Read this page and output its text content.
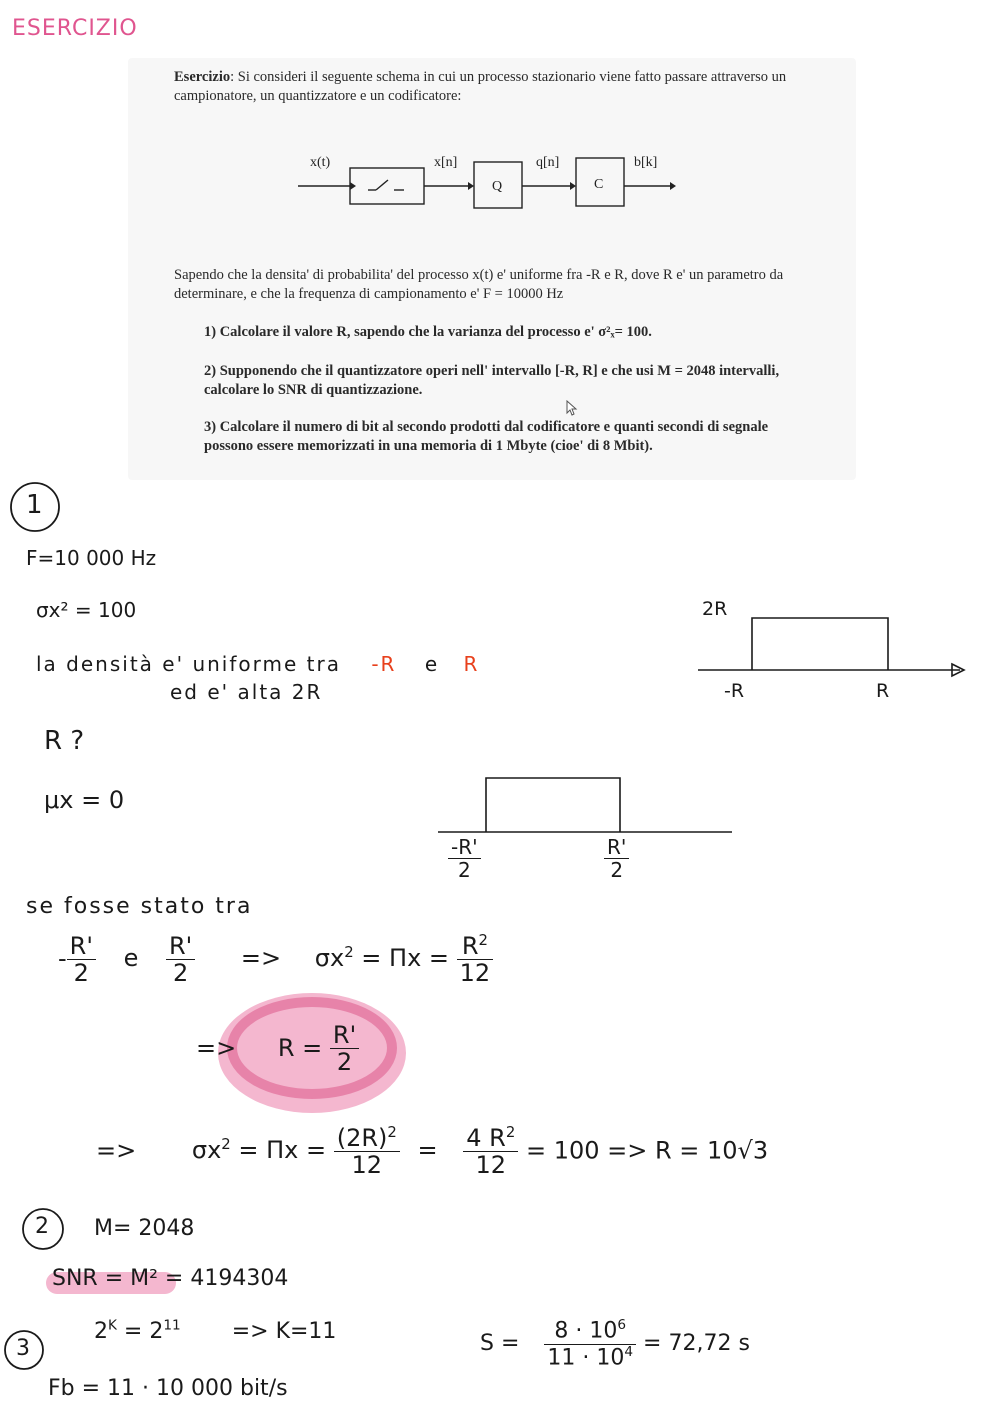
ESERCIZIO
Esercizio: Si consideri il seguente schema in cui un processo stazionario viene fatto passare attraverso un campionatore, un quantizzatore e un codificatore:
x(t)	x[n]
Q
q[n]
C
b[k]
Sapendo che la densita' di probabilita' del processo x(t) e' uniforme fra -R e R, dove R e' un parametro da determinare, e che la frequenza di campionamento e' F = 10000 Hz
1) Calcolare il valore R, sapendo che la varianza del processo e' σ²ₓ= 100.
2) Supponendo che il quantizzatore operi nell' intervallo [-R, R] e che usi M = 2048 intervalli, calcolare lo SNR di quantizzazione.
3) Calcolare il numero di bit al secondo prodotti dal codificatore e quanti secondi di segnale possono essere memorizzati in una memoria di 1 Mbyte (cioe' di 8 Mbit).
1
F=10 000 Hz
σx² = 100
la densità e' uniforme tra -R e R
ed e' alta 2R
2R
-R	R
R ?
μx = 0
$\frac{-R'}{2}$	$\frac{R'}{2}$
se fosse stato tra
- $\frac{R'}{2}$ e $\frac{R'}{2} => \sigma x^2 = \Pi x = \frac{R^2}{12}$
=> $R = \frac{R'}{2}$
=> $\sigma x^2 = \Pi x = \frac{(2R)^2}{12} = \frac{4 R^2}{12} = 100 => R = 10√3$
2 M= 2048
SNR = M² = 4194304
3
$2^K = 2^{11} => K=11$	$S = \frac{8 \cdot 10^6}{11 \cdot 10^4} = 72,72$ s
Fb = 11 · 10 000 bit/s
